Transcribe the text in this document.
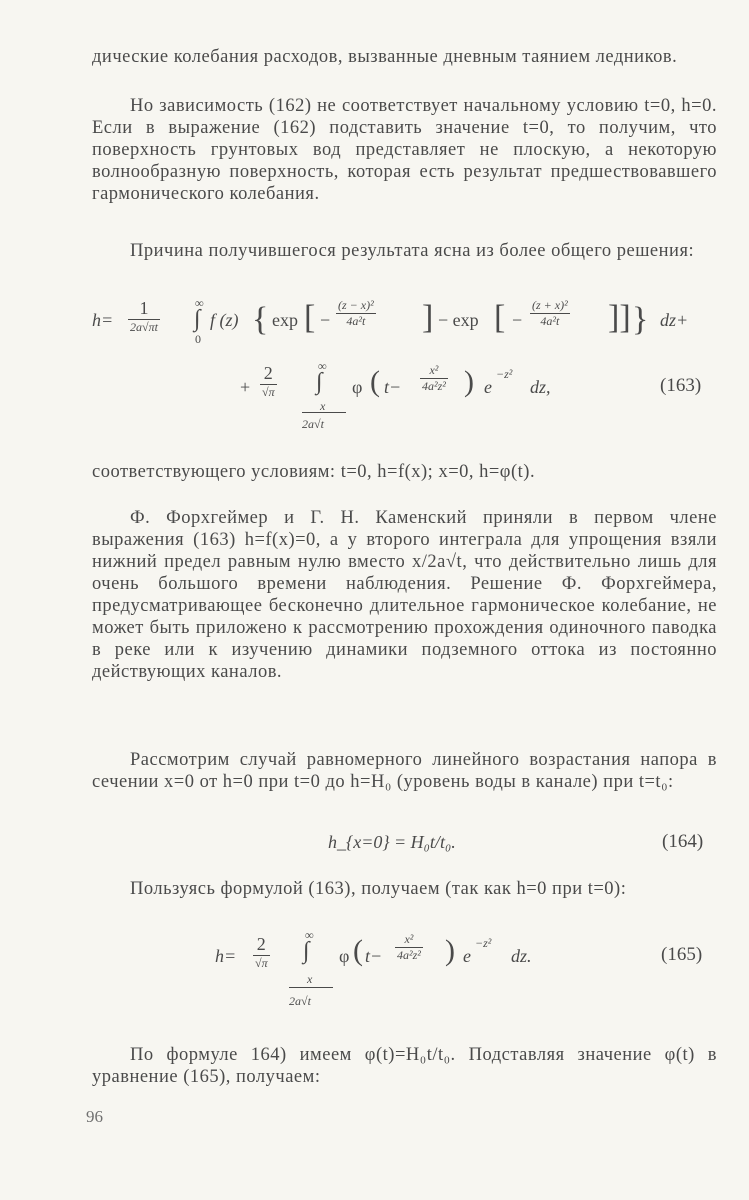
дические колебания расходов, вызванные дневным таянием ледников.

Но зависимость (162) не соответствует начальному условию t=0, h=0. Если в выражение (162) подставить значение t=0, то получим, что поверхность грунтовых вод представляет не плоскую, а некоторую волнообразную поверхность, которая есть результат предшествовавшего гармонического колебания.

Причина получившегося результата ясна из более общего решения:

h=
1
2a√πt
∞
∫
0
f (z) { exp [ − $\frac{\text{(z − x)²}}{\text{4a²t}}$ ] − exp [ − $\frac{\text{(z + x)²}}{\text{4a²t}}$ ]] } dz+
+
2
√π
∞
∫
x
2a√t
φ ( $t- \frac{\text{x²}}{\text{4a²z²}}$ ) e
−z²
dz,	(163)

соответствующего условиям: t=0, h=f(x); x=0, h=φ(t).

Ф. Форхгеймер и Г. Н. Каменский приняли в первом члене выражения (163) h=f(x)=0, а у второго интеграла для упрощения взяли нижний предел равным нулю вместо x/2a√t, что действительно лишь для очень большого времени наблюдения. Решение Ф. Форхгеймера, предусматривающее бесконечно длительное гармоническое колебание, не может быть приложено к рассмотрению прохождения одиночного паводка в реке или к изучению динамики подземного оттока из постоянно действующих каналов.

Рассмотрим случай равномерного линейного возрастания напора в сечении x=0 от h=0 при t=0 до h=H₀ (уровень воды в канале) при t=t₀:

h_{x=0} = H₀t/t₀.	(164)

Пользуясь формулой (163), получаем (так как h=0 при t=0):

h=
2
√π
∞
∫
x
2a√t
φ ( $t- \frac{\text{x²}}{\text{4a²z²}}$ ) e
−z²
dz.	(165)

По формуле 164) имеем φ(t)=H₀t/t₀. Подставляя значение φ(t) в уравнение (165), получаем:

96
